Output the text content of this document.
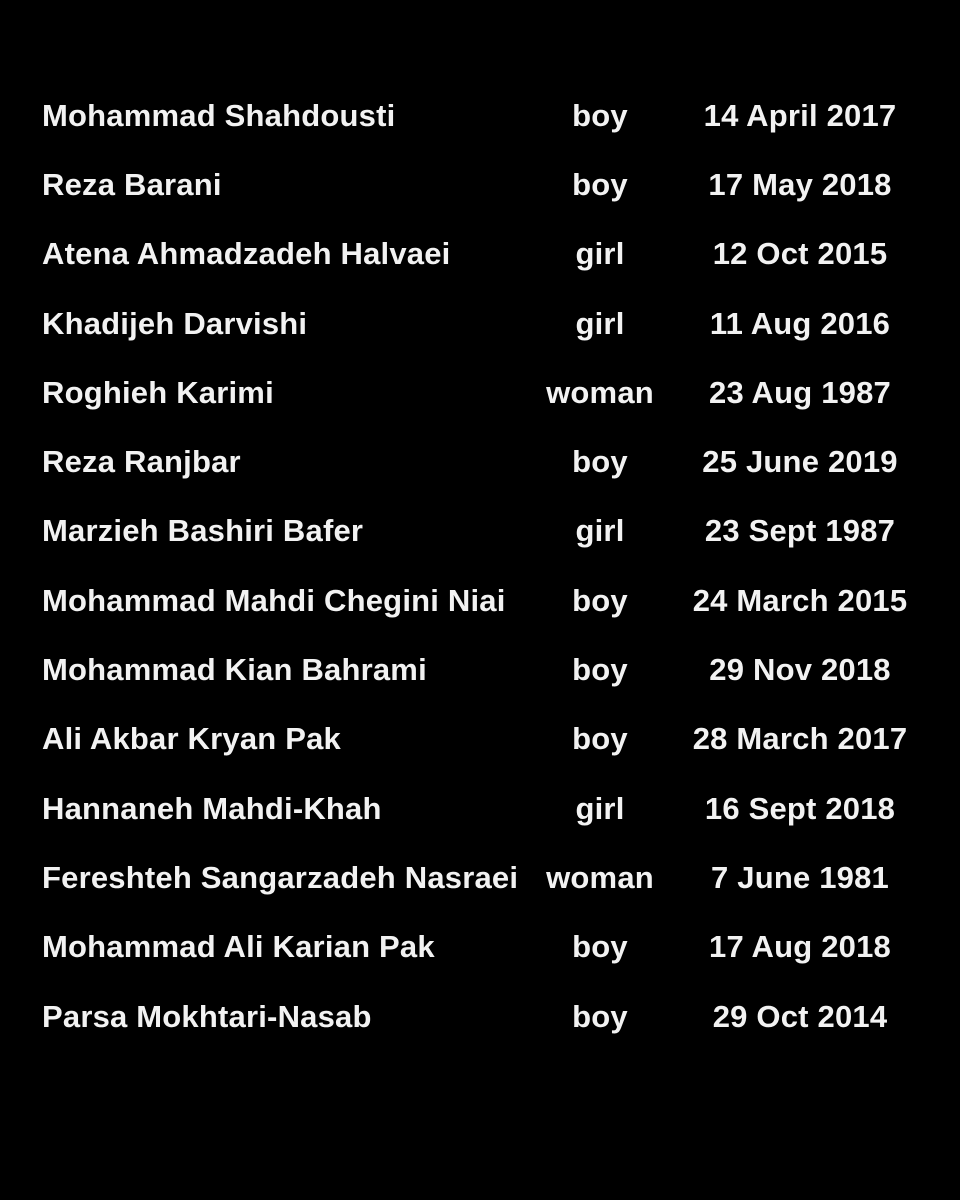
Mohammad Shahdousti	boy 14 April 2017
Reza Barani	boy	17 May 2018
Atena Ahmadzadeh Halvaei	girl	12 Oct 2015
Khadijeh Darvishi	girl	11 Aug 2016
Roghieh Karimi	woman 23 Aug 1987
Reza Ranjbar	boy 25 June 2019
Marzieh Bashiri Bafer	girl	23 Sept 1987
Mohammad Mahdi Chegini Niai boy 24 March 2015
Mohammad Kian Bahrami	boy	29 Nov 2018
Ali Akbar Kryan Pak	boy 28 March 2017
Hannaneh Mahdi-Khah	girl	16 Sept 2018
Fereshteh Sangarzadeh Nasraei woman 7 June 1981
Mohammad Ali Karian Pak	boy	17 Aug 2018
Parsa Mokhtari-Nasab	boy	29 Oct 2014
